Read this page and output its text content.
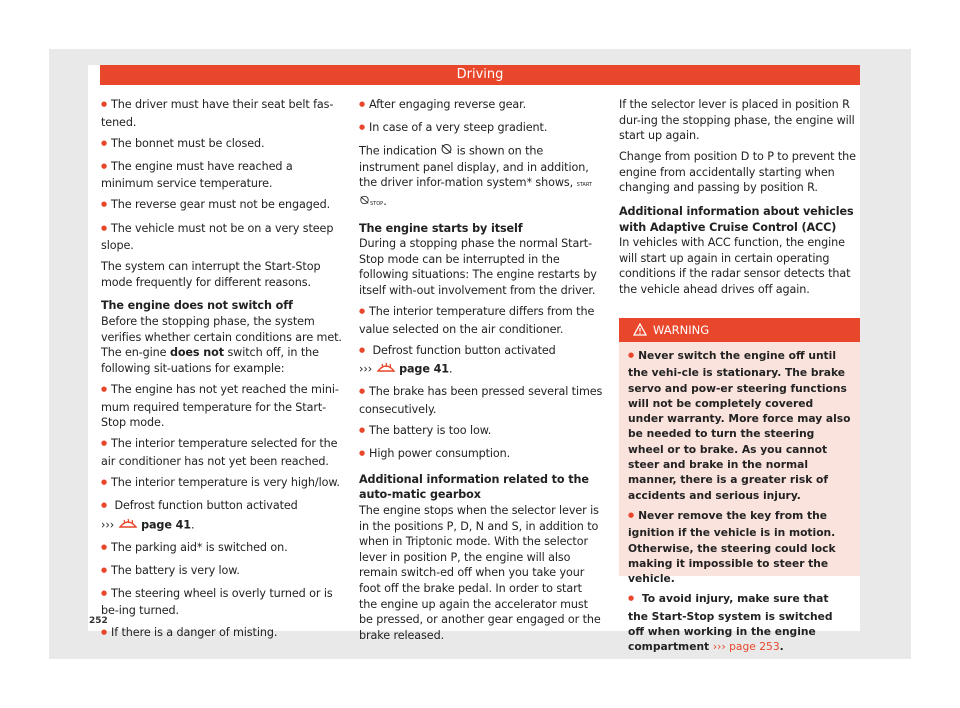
Driving

● The driver must have their seat belt fas-tened.

● The bonnet must be closed.

● The engine must have reached a minimum service temperature.

● The reverse gear must not be engaged.

● The vehicle must not be on a very steep slope.

The system can interrupt the Start-Stop mode frequently for different reasons.

The engine does not switch off

Before the stopping phase, the system verifies whether certain conditions are met. The en-gine does not switch off, in the following sit-uations for example:

● The engine has not yet reached the mini-mum required temperature for the Start-Stop mode.

● The interior temperature selected for the air conditioner has not yet been reached.

● The interior temperature is very high/low.

● Defrost function button activated
››› page 41.

● The parking aid* is switched on.

● The battery is very low.

● The steering wheel is overly turned or is be-ing turned.

● If there is a danger of misting.

● After engaging reverse gear.

● In case of a very steep gradient.

The indication is shown on the instrument panel display, and in addition, the driver infor-mation system* shows, STARTSTOP.

The engine starts by itself

During a stopping phase the normal Start-Stop mode can be interrupted in the following situations: The engine restarts by itself with-out involvement from the driver.

● The interior temperature differs from the value selected on the air conditioner.

● Defrost function button activated
››› page 41.

● The brake has been pressed several times consecutively.

● The battery is too low.

● High power consumption.

Additional information related to the auto-matic gearbox

The engine stops when the selector lever is in the positions P, D, N and S, in addition to when in Triptonic mode. With the selector lever in position P, the engine will also remain switch-ed off when you take your foot off the brake pedal. In order to start the engine up again the accelerator must be pressed, or another gear engaged or the brake released.

If the selector lever is placed in position R dur-ing the stopping phase, the engine will start up again.

Change from position D to P to prevent the engine from accidentally starting when changing and passing by position R.

Additional information about vehicles with Adaptive Cruise Control (ACC)

In vehicles with ACC function, the engine will start up again in certain operating conditions if the radar sensor detects that the vehicle ahead drives off again.

WARNING

● Never switch the engine off until the vehi-cle is stationary. The brake servo and pow-er steering functions will not be completely covered under warranty. More force may also be needed to turn the steering wheel or to brake. As you cannot steer and brake in the normal manner, there is a greater risk of accidents and serious injury.

● Never remove the key from the ignition if the vehicle is in motion. Otherwise, the steering could lock making it impossible to steer the vehicle.

● To avoid injury, make sure that the Start-Stop system is switched off when working in the engine compartment ››› page 253.

252
